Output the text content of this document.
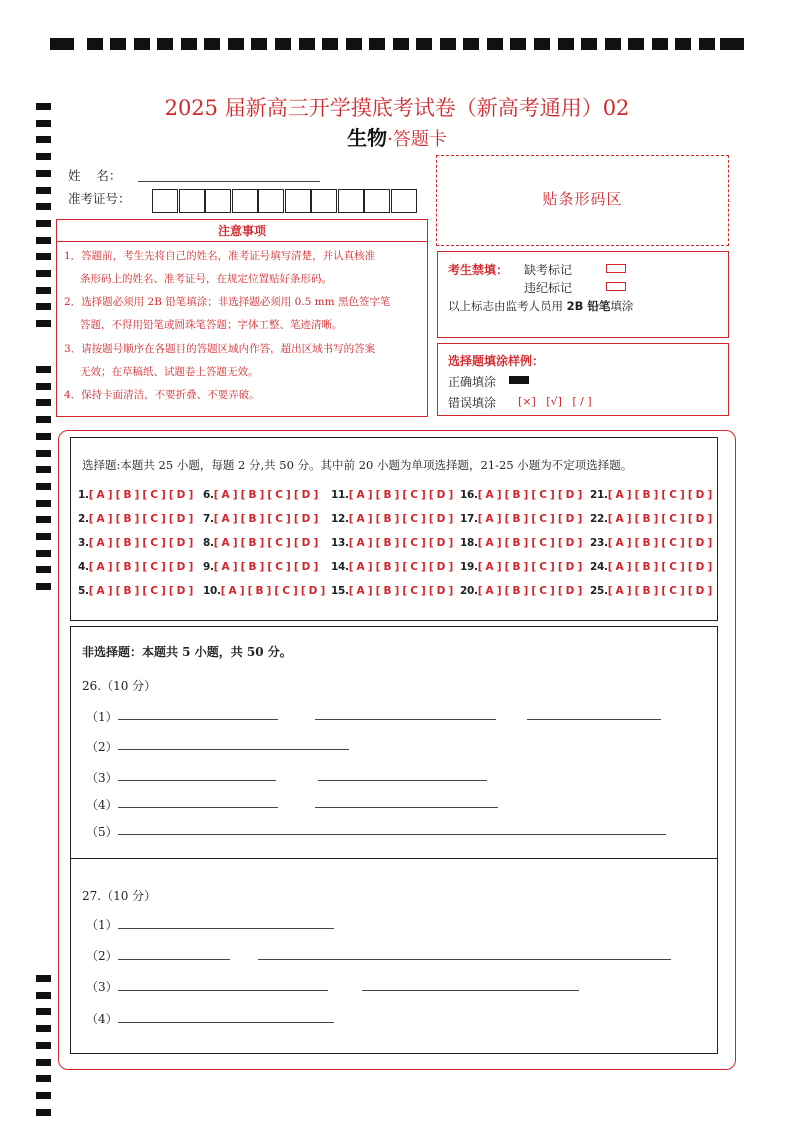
2025 届新高三开学摸底考试卷（新高考通用）02
生物·答题卡
姓    名：
准考证号：	贴条形码区
注意事项
1．答题前，考生先将自己的姓名，准考证号填写清楚，并认真核准
条形码上的姓名、准考证号，在规定位置贴好条形码。
2．选择题必须用 2B 铅笔填涂；非选择题必须用 0.5 mm 黑色签字笔
答题，不得用铅笔或圆珠笔答题；字体工整、笔迹清晰。
3．请按题号顺序在各题目的答题区域内作答，超出区域书写的答案
无效；在草稿纸、试题卷上答题无效。
4．保持卡面清洁，不要折叠、不要弄破。
考生禁填： 缺考标记
违纪标记
以上标志由监考人员用 2B 铅笔填涂
选择题填涂样例：
正确填涂
错误填涂 [×]   [√]   [ / ]
选择题:本题共 25 小题，每题 2 分,共 50 分。其中前 20 小题为单项选择题，21-25 小题为不定项选择题。
1.[ A ] [ B ] [ C ] [ D ] 6.[ A ] [ B ] [ C ] [ D ] 11.[ A ] [ B ] [ C ] [ D ] 16.[ A ] [ B ] [ C ] [ D ] 21.[ A ] [ B ] [ C ] [ D ]
2.[ A ] [ B ] [ C ] [ D ] 7.[ A ] [ B ] [ C ] [ D ] 12.[ A ] [ B ] [ C ] [ D ] 17.[ A ] [ B ] [ C ] [ D ] 22.[ A ] [ B ] [ C ] [ D ]
3.[ A ] [ B ] [ C ] [ D ] 8.[ A ] [ B ] [ C ] [ D ] 13.[ A ] [ B ] [ C ] [ D ] 18.[ A ] [ B ] [ C ] [ D ] 23.[ A ] [ B ] [ C ] [ D ]
4.[ A ] [ B ] [ C ] [ D ] 9.[ A ] [ B ] [ C ] [ D ] 14.[ A ] [ B ] [ C ] [ D ] 19.[ A ] [ B ] [ C ] [ D ] 24.[ A ] [ B ] [ C ] [ D ]
5.[ A ] [ B ] [ C ] [ D ] 10.[ A ] [ B ] [ C ] [ D ] 15.[ A ] [ B ] [ C ] [ D ] 20.[ A ] [ B ] [ C ] [ D ] 25.[ A ] [ B ] [ C ] [ D ]
非选择题：本题共 5 小题，共 50 分。
26.（10 分）
（1）
（2）
（3）
（4）
（5）
27.（10 分）
（1）
（2）
（3）
（4）
